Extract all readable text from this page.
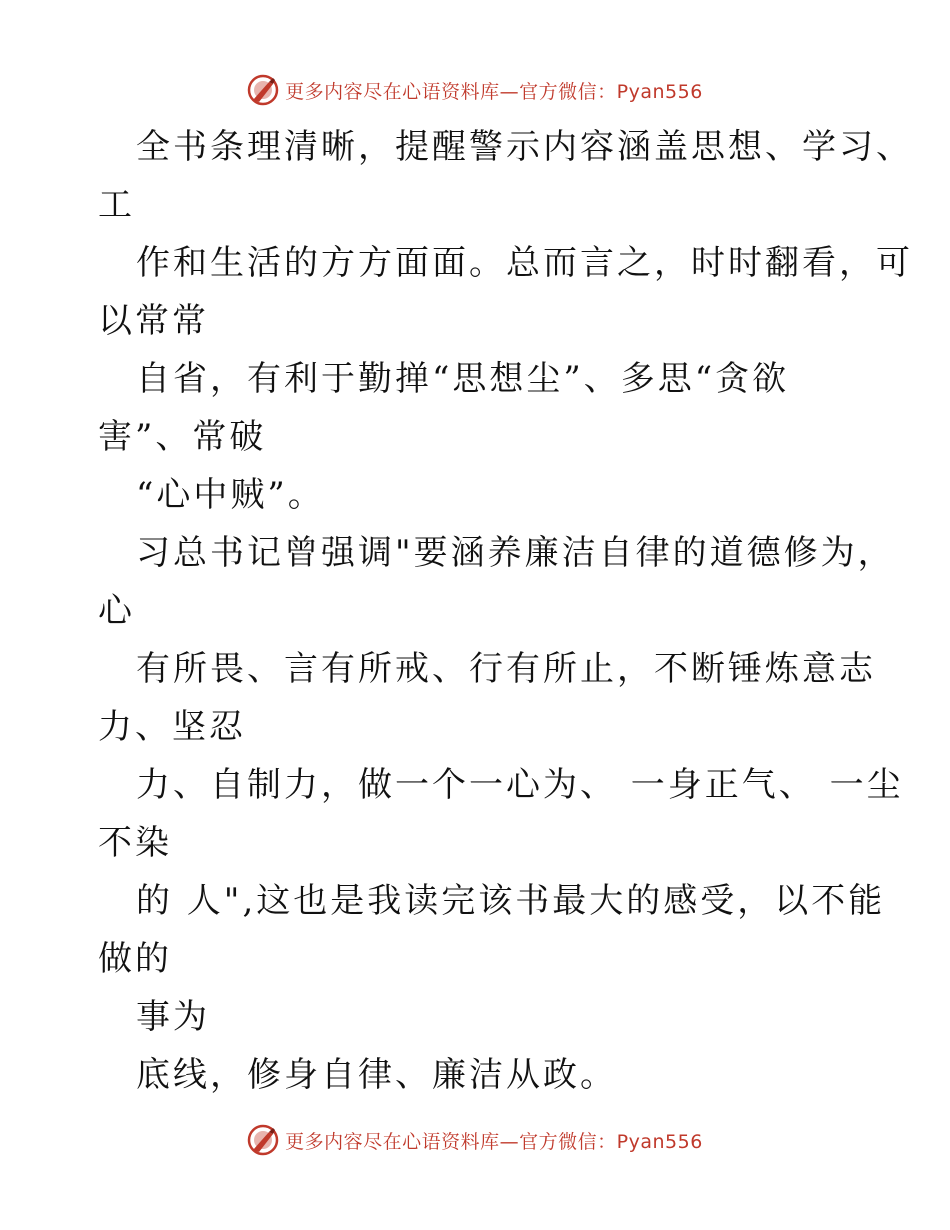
更多内容尽在心语资料库—官方微信：Pyan556
全书条理清晰，提醒警示内容涵盖思想、学习、
工
作和生活的方方面面。总而言之，时时翻看，可
以常常
自省，有利于勤掸“思想尘”、多思“贪欲
害”、常破
“心中贼”。
习总书记曾强调"要涵养廉洁自律的道德修为，
心
有所畏、言有所戒、行有所止，不断锤炼意志
力、坚忍
力、自制力，做一个一心为、 一身正气、 一尘
不染
的 人",这也是我读完该书最大的感受，以不能
做的
事为
底线，修身自律、廉洁从政。
更多内容尽在心语资料库—官方微信：Pyan556
